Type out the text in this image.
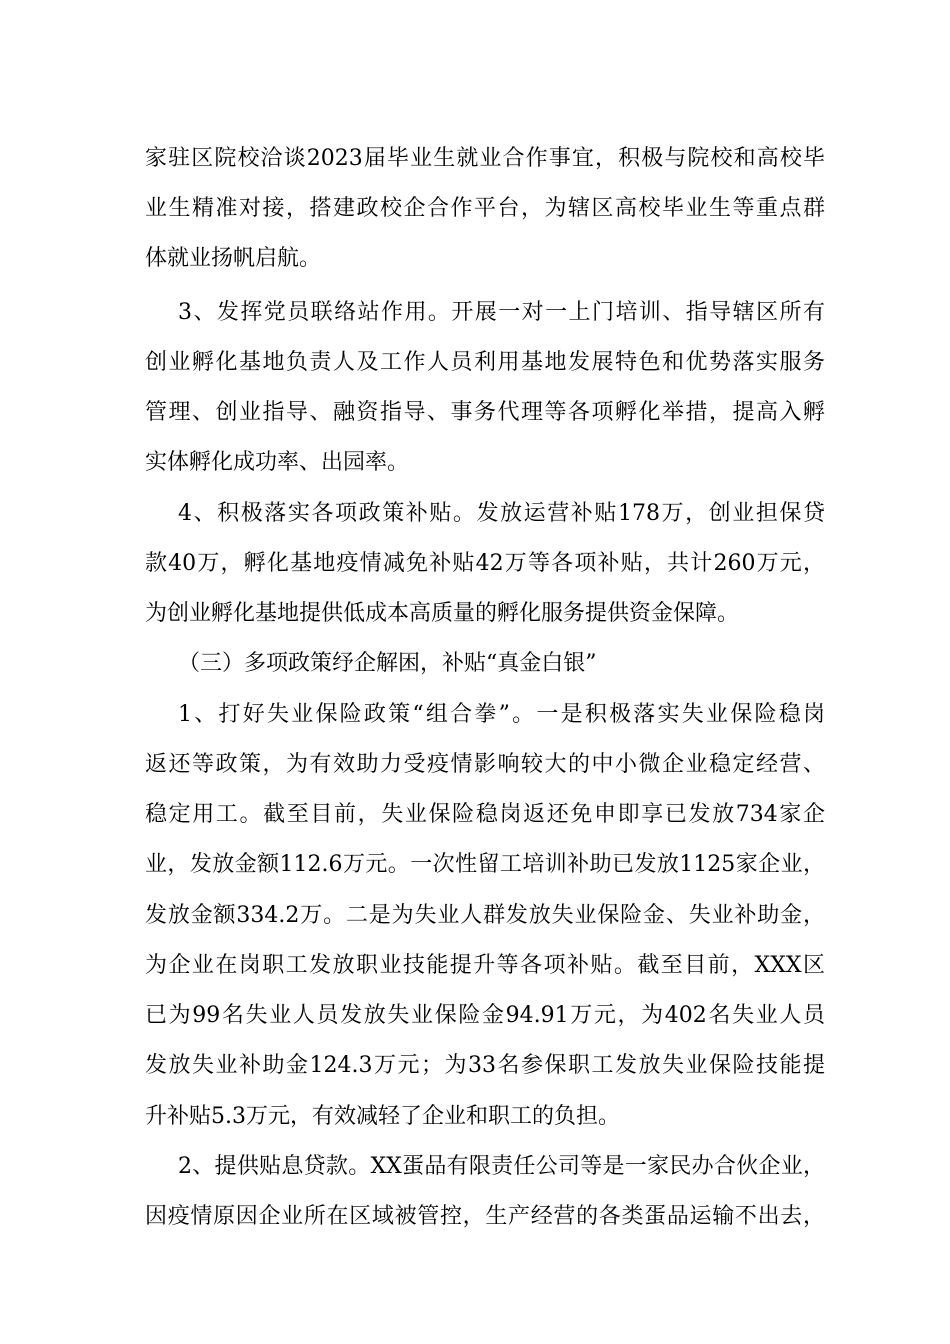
家驻区院校洽谈2023届毕业生就业合作事宜，积极与院校和高校毕
业生精准对接，搭建政校企合作平台，为辖区高校毕业生等重点群
体就业扬帆启航。
3、发挥党员联络站作用。开展一对一上门培训、指导辖区所有
创业孵化基地负责人及工作人员利用基地发展特色和优势落实服务
管理、创业指导、融资指导、事务代理等各项孵化举措，提高入孵
实体孵化成功率、出园率。
4、积极落实各项政策补贴。发放运营补贴178万，创业担保贷
款40万，孵化基地疫情减免补贴42万等各项补贴，共计260万元，
为创业孵化基地提供低成本高质量的孵化服务提供资金保障。
（三）多项政策纾企解困，补贴“真金白银”
1、打好失业保险政策“组合拳”。一是积极落实失业保险稳岗
返还等政策，为有效助力受疫情影响较大的中小微企业稳定经营、
稳定用工。截至目前，失业保险稳岗返还免申即享已发放734家企
业，发放金额112.6万元。一次性留工培训补助已发放1125家企业，
发放金额334.2万。二是为失业人群发放失业保险金、失业补助金，
为企业在岗职工发放职业技能提升等各项补贴。截至目前，XXX区
已为99名失业人员发放失业保险金94.91万元，为402名失业人员
发放失业补助金124.3万元；为33名参保职工发放失业保险技能提
升补贴5.3万元，有效减轻了企业和职工的负担。
2、提供贴息贷款。XX蛋品有限责任公司等是一家民办合伙企业，
因疫情原因企业所在区域被管控，生产经营的各类蛋品运输不出去，
